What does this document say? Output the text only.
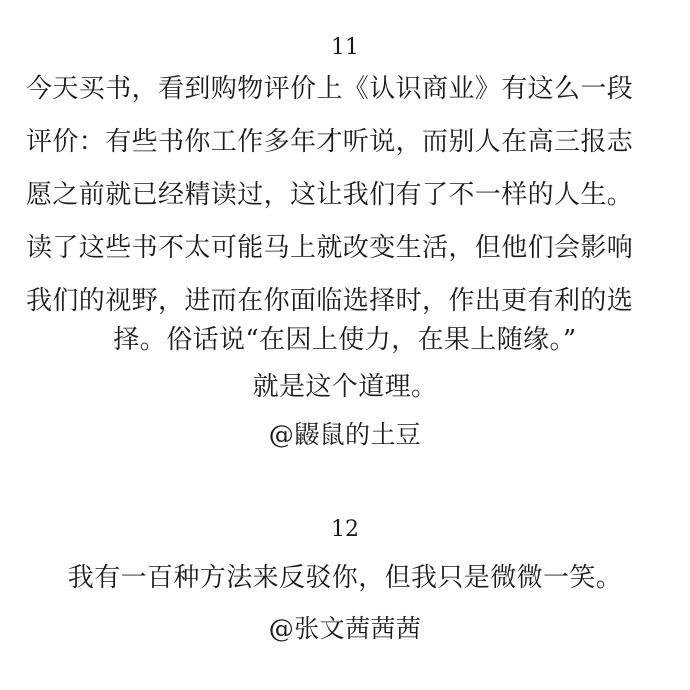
11
今天买书，看到购物评价上《认识商业》有这么一段
评价：有些书你工作多年才听说，而别人在高三报志
愿之前就已经精读过，这让我们有了不一样的人生。
读了这些书不太可能马上就改变生活，但他们会影响
我们的视野，进而在你面临选择时，作出更有利的选
择。俗话说“在因上使力，在果上随缘。”
就是这个道理。
@鼹鼠的土豆
12
我有一百种方法来反驳你，但我只是微微一笑。
@张文茜茜茜
